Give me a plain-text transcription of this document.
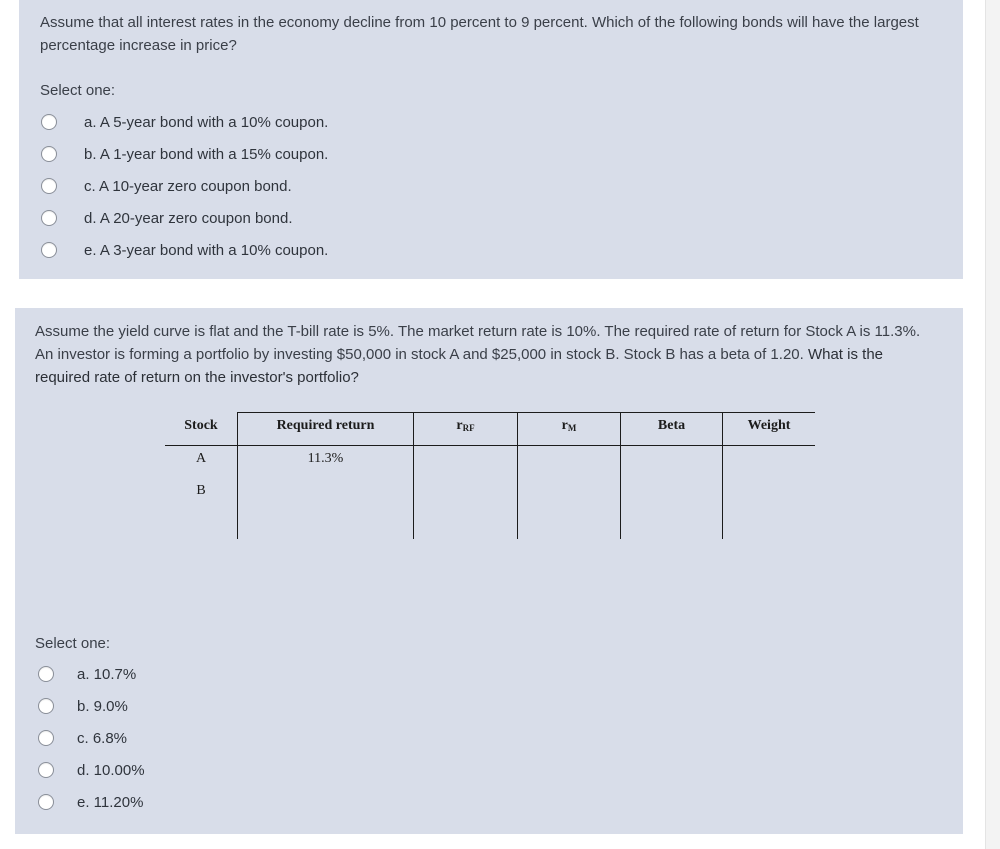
Assume that all interest rates in the economy decline from 10 percent to 9 percent. Which of the following bonds will have the largest percentage increase in price?
Select one:
a. A 5-year bond with a 10% coupon.
b. A 1-year bond with a 15% coupon.
c. A 10-year zero coupon bond.
d. A 20-year zero coupon bond.
e. A 3-year bond with a 10% coupon.
Assume the yield curve is flat and the T-bill rate is 5%. The market return rate is 10%. The required rate of return for Stock A is 11.3%. An investor is forming a portfolio by investing $50,000 in stock A and $25,000 in stock B. Stock B has a beta of 1.20. What is the required rate of return on the investor's portfolio?
Stock	Required return	$r_{RF}$	$r_M$	Beta	Weight
A	11.3%
B
Select one:
a. 10.7%
b. 9.0%
c. 6.8%
d. 10.00%
e. 11.20%
